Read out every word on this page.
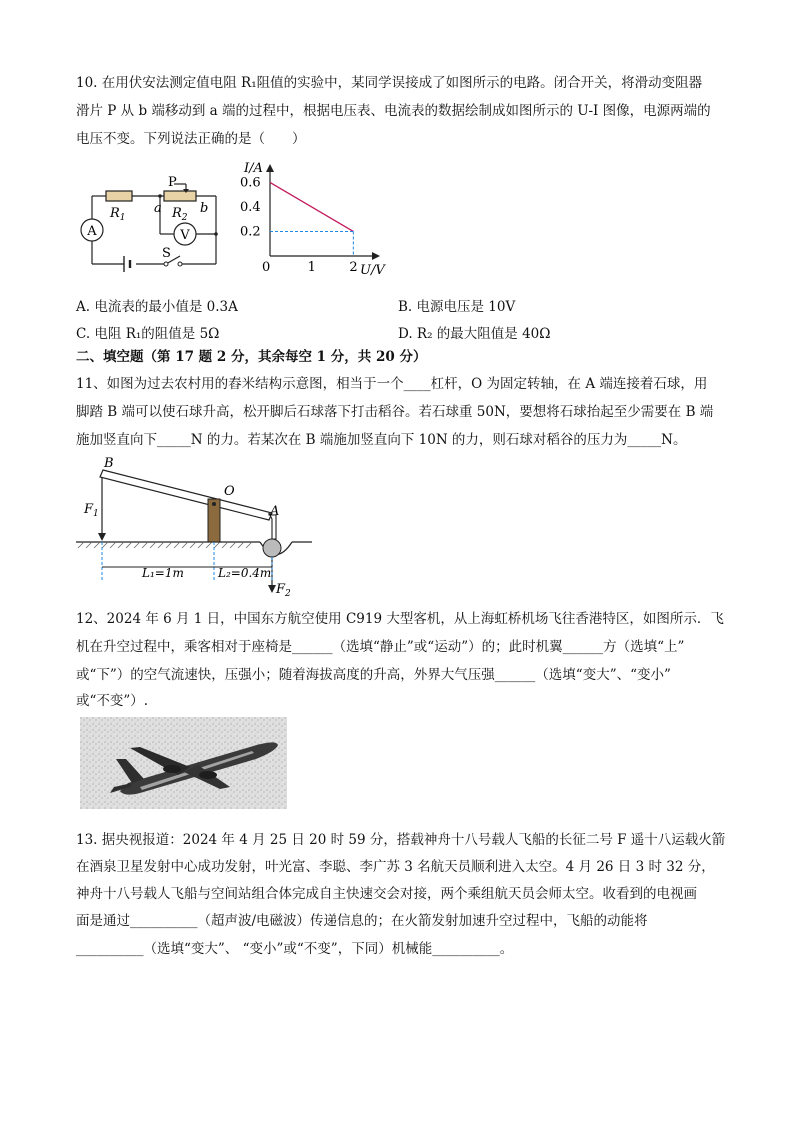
10. 在用伏安法测定值电阻 R₁阻值的实验中，某同学误接成了如图所示的电路。闭合开关，将滑动变阻器
滑片 P 从 b 端移动到 a 端的过程中，根据电压表、电流表的数据绘制成如图所示的 U-I 图像，电源两端的
电压不变。下列说法正确的是（　　）
A	V
$R_1$	$R_2$
P
a	b
S
I/A
U/V
0
0.6
0.4
0.2
1	2
A. 电流表的最小值是 0.3A	B. 电源电压是 10V
C. 电阻 R₁的阻值是 5Ω	D. R₂ 的最大阻值是 40Ω
二、填空题（第 17 题 2 分，其余每空 1 分，共 20 分）
11、如图为过去农村用的舂米结构示意图，相当于一个____杠杆，O 为固定转轴，在 A 端连接着石球，用
脚踏 B 端可以使石球升高，松开脚后石球落下打击稻谷。若石球重 50N，要想将石球抬起至少需要在 B 端
施加竖直向下_____N 的力。若某次在 B 端施加竖直向下 10N 的力，则石球对稻谷的压力为_____N。
B
O
A
$F_1$
$F_2$
L₁=1m	L₂=0.4m
12、2024 年 6 月 1 日，中国东方航空使用 C919 大型客机，从上海虹桥机场飞往香港特区，如图所示．飞
机在升空过程中，乘客相对于座椅是______（选填“静止”或“运动”）的；此时机翼______方（选填“上”
或“下”）的空气流速快，压强小；随着海拔高度的升高，外界大气压强______（选填“变大”、“变小”
或“不变”）.
13. 据央视报道：2024 年 4 月 25 日 20 时 59 分，搭载神舟十八号载人飞船的长征二号 F 遥十八运载火箭
在酒泉卫星发射中心成功发射，叶光富、李聪、李广苏 3 名航天员顺利进入太空。4 月 26 日 3 时 32 分，
神舟十八号载人飞船与空间站组合体完成自主快速交会对接，两个乘组航天员会师太空。收看到的电视画
面是通过__________（超声波/电磁波）传递信息的；在火箭发射加速升空过程中，飞船的动能将
__________（选填“变大”、 “变小”或“不变”，下同）机械能__________。
